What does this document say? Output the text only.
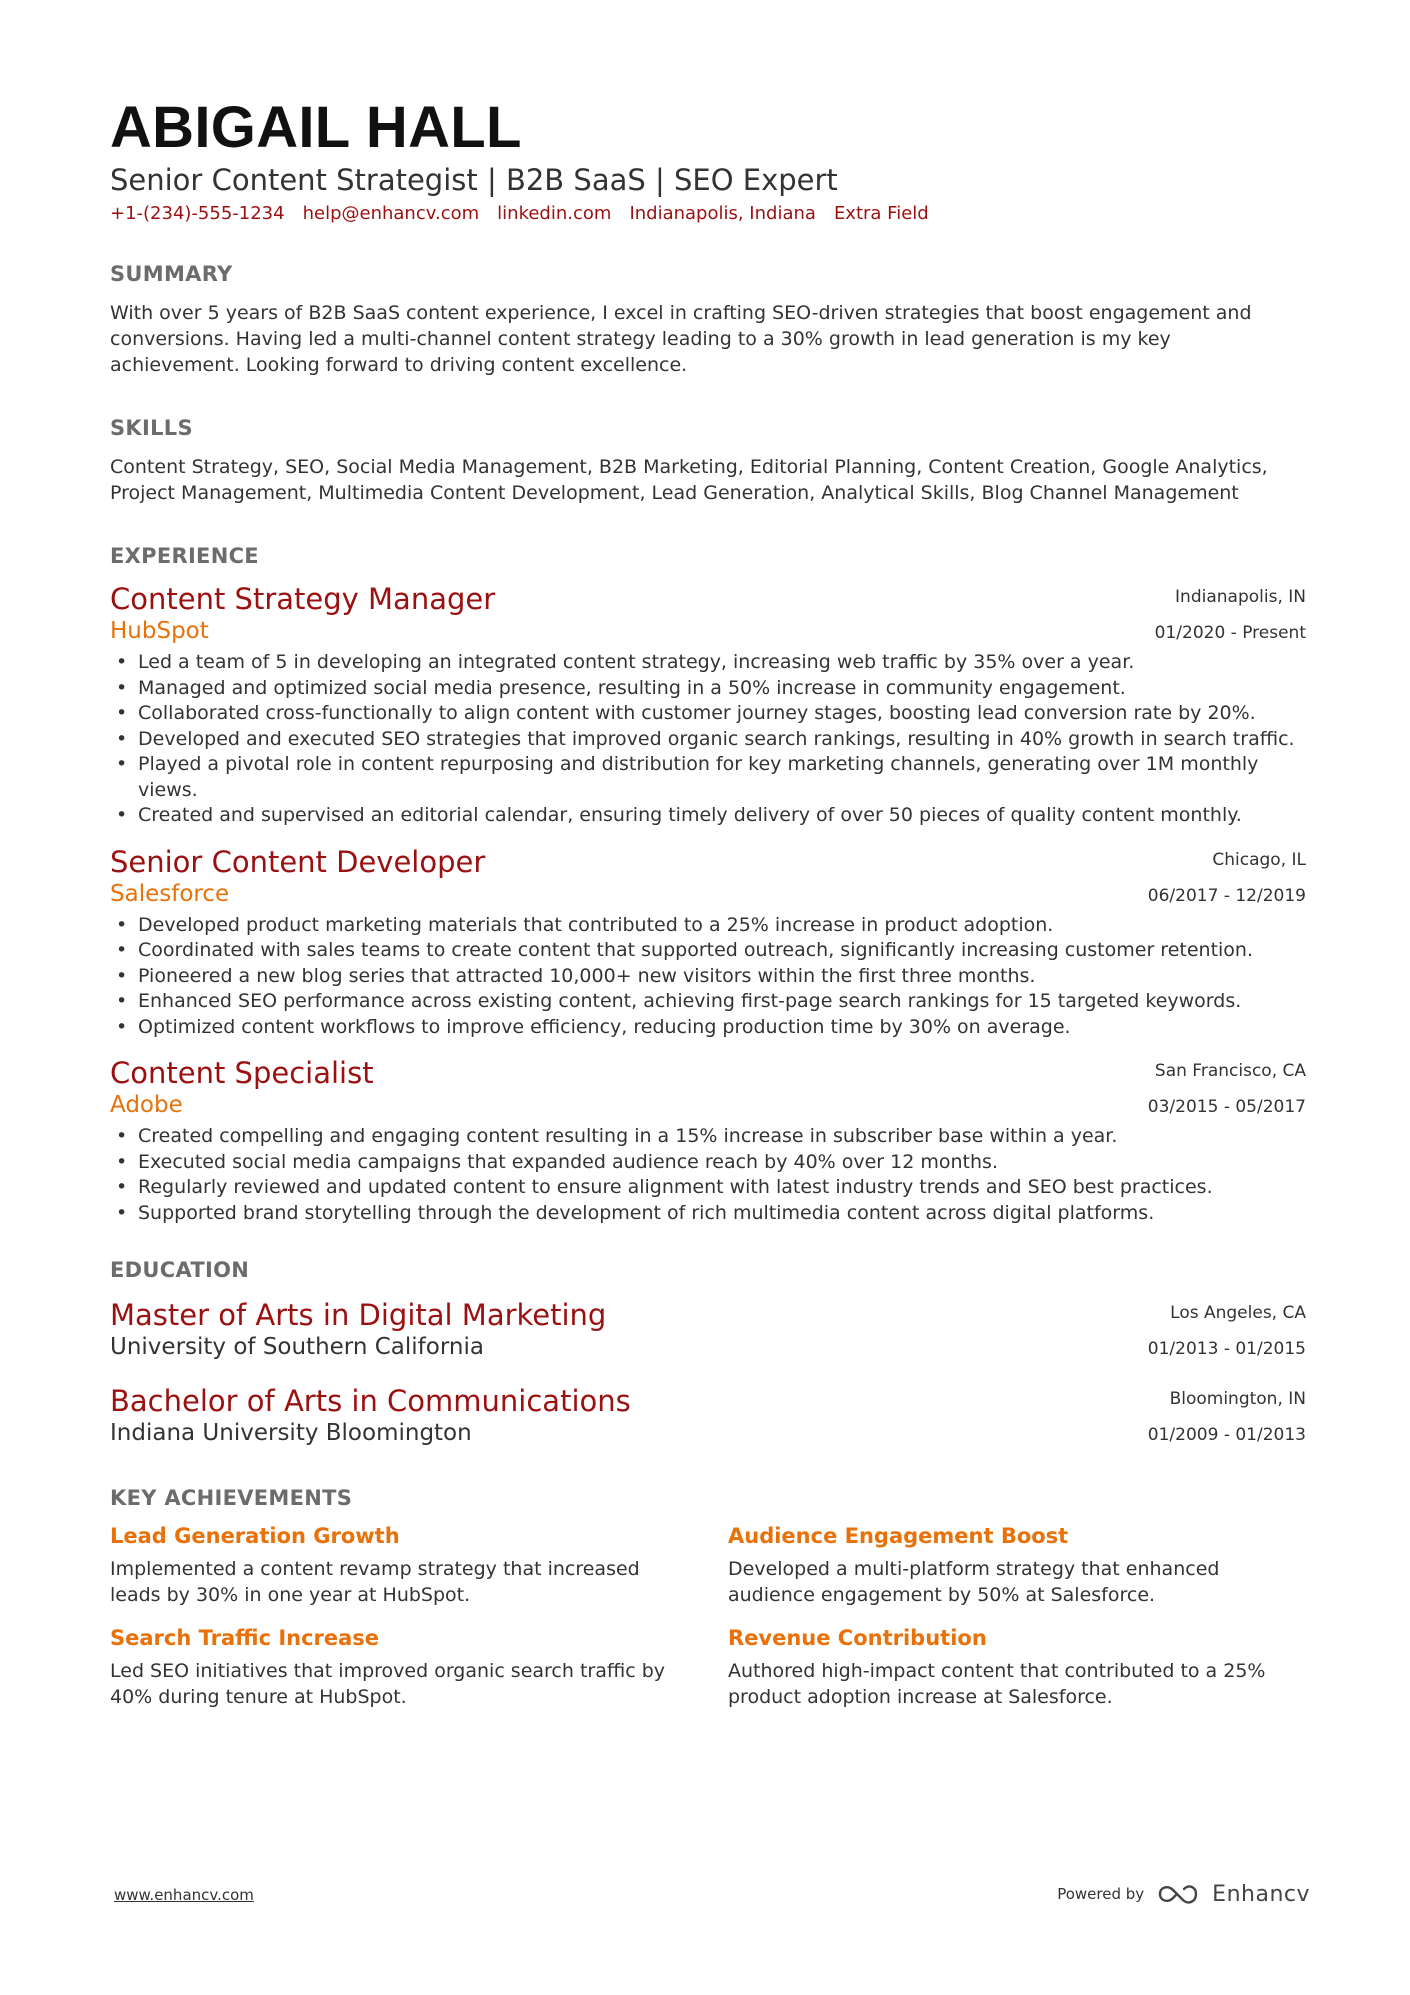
ABIGAIL HALL
Senior Content Strategist | B2B SaaS | SEO Expert
+1-(234)-555-1234 help@enhancv.com linkedin.com Indianapolis, Indiana Extra Field
SUMMARY

With over 5 years of B2B SaaS content experience, I excel in crafting SEO-driven strategies that boost engagement and conversions. Having led a multi-channel content strategy leading to a 30% growth in lead generation is my key achievement. Looking forward to driving content excellence.

SKILLS

Content Strategy, SEO, Social Media Management, B2B Marketing, Editorial Planning, Content Creation, Google Analytics, Project Management, Multimedia Content Development, Lead Generation, Analytical Skills, Blog Channel Management

EXPERIENCE
Content Strategy Manager
HubSpot
Indianapolis, IN
01/2020 - Present
• Led a team of 5 in developing an integrated content strategy, increasing web traffic by 35% over a year.
• Managed and optimized social media presence, resulting in a 50% increase in community engagement.
• Collaborated cross-functionally to align content with customer journey stages, boosting lead conversion rate by 20%.
• Developed and executed SEO strategies that improved organic search rankings, resulting in 40% growth in search traffic.
• Played a pivotal role in content repurposing and distribution for key marketing channels, generating over 1M monthly views.
• Created and supervised an editorial calendar, ensuring timely delivery of over 50 pieces of quality content monthly.
Senior Content Developer
Salesforce
Chicago, IL
06/2017 - 12/2019
• Developed product marketing materials that contributed to a 25% increase in product adoption.
• Coordinated with sales teams to create content that supported outreach, significantly increasing customer retention.
• Pioneered a new blog series that attracted 10,000+ new visitors within the first three months.
• Enhanced SEO performance across existing content, achieving first-page search rankings for 15 targeted keywords.
• Optimized content workflows to improve efficiency, reducing production time by 30% on average.
Content Specialist
Adobe
San Francisco, CA
03/2015 - 05/2017
• Created compelling and engaging content resulting in a 15% increase in subscriber base within a year.
• Executed social media campaigns that expanded audience reach by 40% over 12 months.
• Regularly reviewed and updated content to ensure alignment with latest industry trends and SEO best practices.
• Supported brand storytelling through the development of rich multimedia content across digital platforms.
EDUCATION
Master of Arts in Digital Marketing
University of Southern California
Los Angeles, CA
01/2013 - 01/2015
Bachelor of Arts in Communications
Indiana University Bloomington
Bloomington, IN
01/2009 - 01/2013
KEY ACHIEVEMENTS
Lead Generation Growth
Implemented a content revamp strategy that increased leads by 30% in one year at HubSpot.
Audience Engagement Boost
Developed a multi-platform strategy that enhanced audience engagement by 50% at Salesforce.
Search Traffic Increase
Led SEO initiatives that improved organic search traffic by 40% during tenure at HubSpot.
Revenue Contribution
Authored high-impact content that contributed to a 25% product adoption increase at Salesforce.
www.enhancv.com	Powered by	Enhancv
